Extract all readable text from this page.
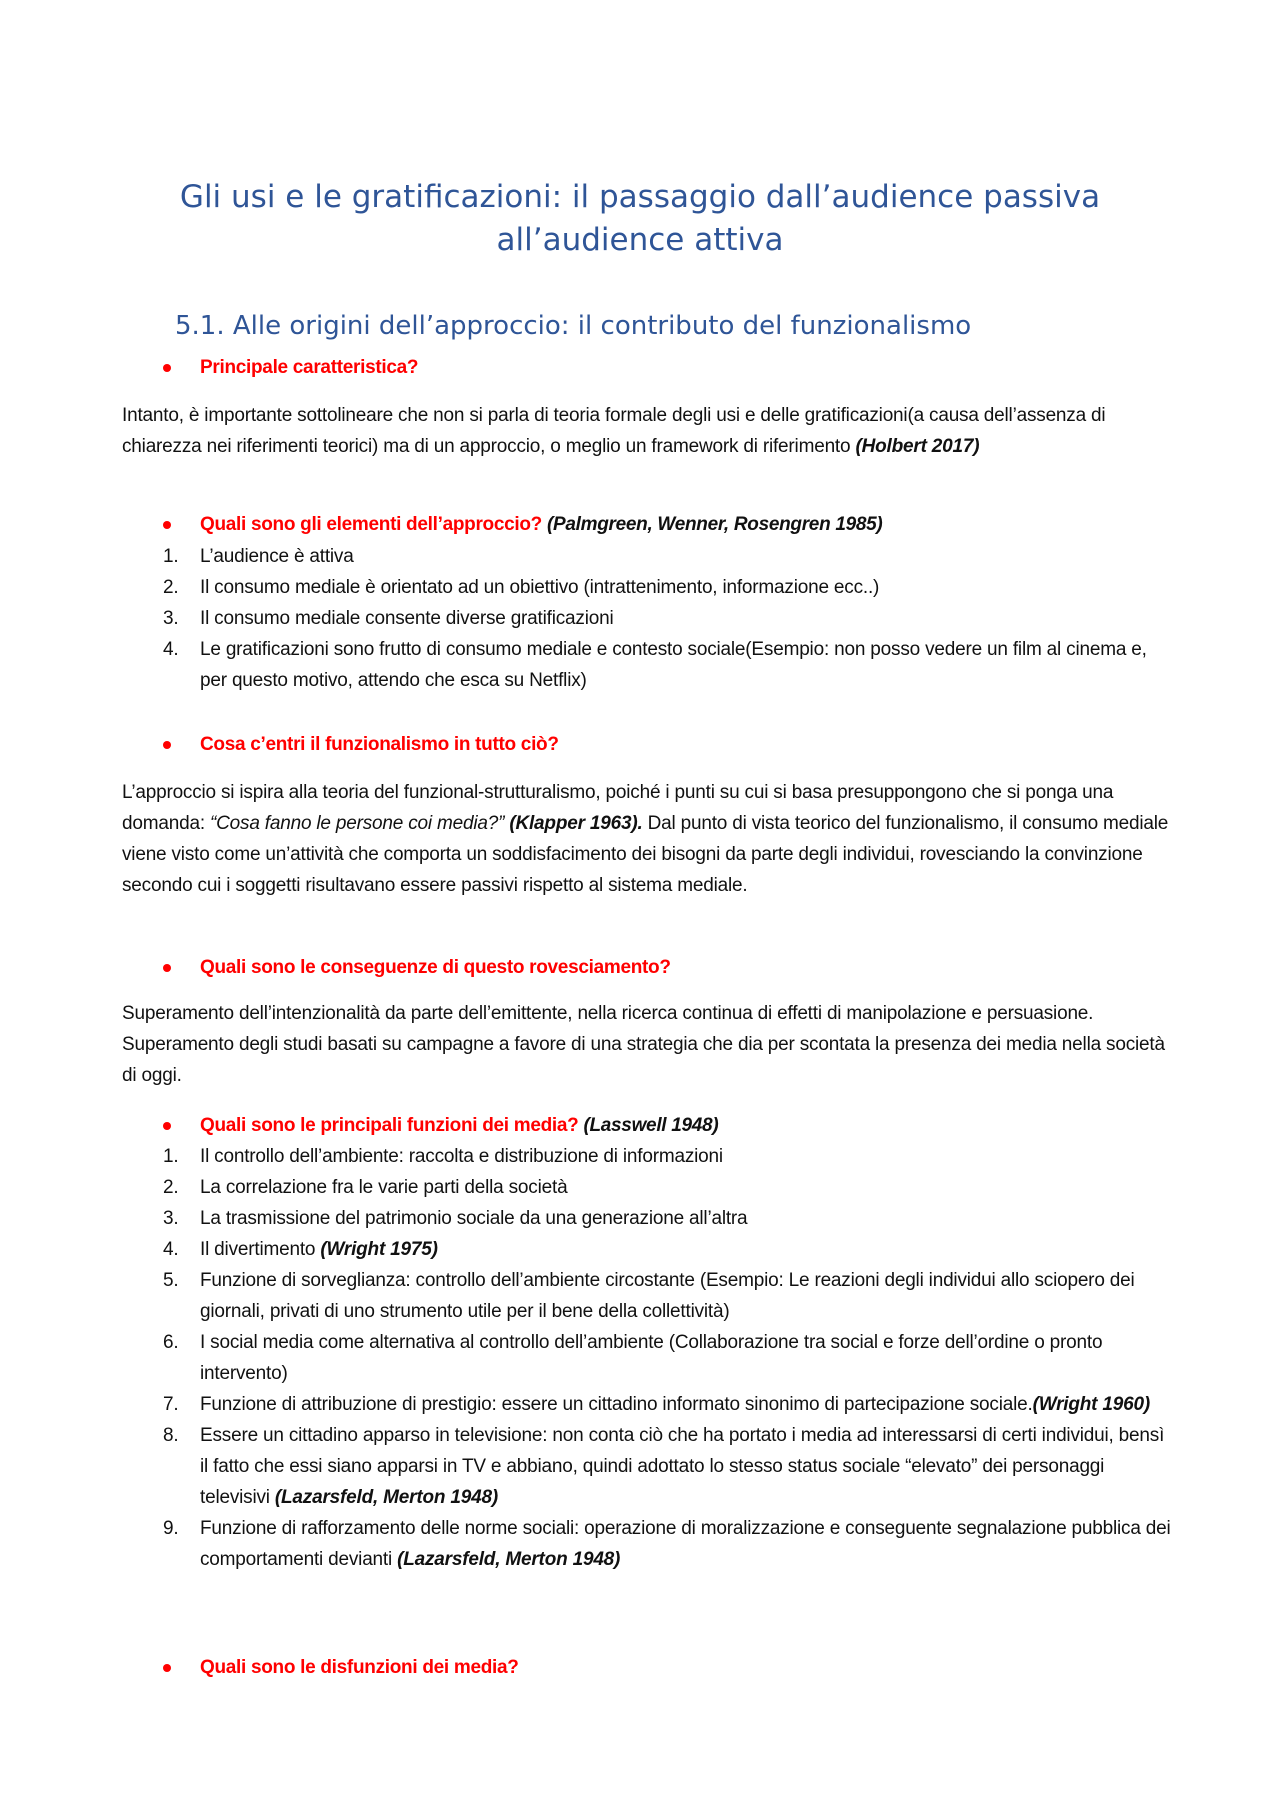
Gli usi e le gratificazioni: il passaggio dall’audience passiva all’audience attiva
5.1. Alle origini dell’approccio: il contributo del funzionalismo
Principale caratteristica?

Intanto, è importante sottolineare che non si parla di teoria formale degli usi e delle gratificazioni(a causa dell’assenza di chiarezza nei riferimenti teorici) ma di un approccio, o meglio un framework di riferimento (Holbert 2017)

Quali sono gli elementi dell’approccio? (Palmgreen, Wenner, Rosengren 1985)
1. L’audience è attiva
2. Il consumo mediale è orientato ad un obiettivo (intrattenimento, informazione ecc..)
3. Il consumo mediale consente diverse gratificazioni
4. Le gratificazioni sono frutto di consumo mediale e contesto sociale(Esempio: non posso vedere un film al cinema e, per questo motivo, attendo che esca su Netflix)
Cosa c’entri il funzionalismo in tutto ciò?

L’approccio si ispira alla teoria del funzional-strutturalismo, poiché i punti su cui si basa presuppongono che si ponga una domanda: “Cosa fanno le persone coi media?” (Klapper 1963). Dal punto di vista teorico del funzionalismo, il consumo mediale viene visto come un’attività che comporta un soddisfacimento dei bisogni da parte degli individui, rovesciando la convinzione secondo cui i soggetti risultavano essere passivi rispetto al sistema mediale.

Quali sono le conseguenze di questo rovesciamento?

Superamento dell’intenzionalità da parte dell’emittente, nella ricerca continua di effetti di manipolazione e persuasione. Superamento degli studi basati su campagne a favore di una strategia che dia per scontata la presenza dei media nella società di oggi.

Quali sono le principali funzioni dei media? (Lasswell 1948)
1. Il controllo dell’ambiente: raccolta e distribuzione di informazioni
2. La correlazione fra le varie parti della società
3. La trasmissione del patrimonio sociale da una generazione all’altra
4. Il divertimento (Wright 1975)
5. Funzione di sorveglianza: controllo dell’ambiente circostante (Esempio: Le reazioni degli individui allo sciopero dei giornali, privati di uno strumento utile per il bene della collettività)
6. I social media come alternativa al controllo dell’ambiente (Collaborazione tra social e forze dell’ordine o pronto intervento)
7. Funzione di attribuzione di prestigio: essere un cittadino informato sinonimo di partecipazione sociale.(Wright 1960)
8. Essere un cittadino apparso in televisione: non conta ciò che ha portato i media ad interessarsi di certi individui, bensì il fatto che essi siano apparsi in TV e abbiano, quindi adottato lo stesso status sociale “elevato” dei personaggi televisivi (Lazarsfeld, Merton 1948)
9. Funzione di rafforzamento delle norme sociali: operazione di moralizzazione e conseguente segnalazione pubblica dei comportamenti devianti (Lazarsfeld, Merton 1948)
Quali sono le disfunzioni dei media?
